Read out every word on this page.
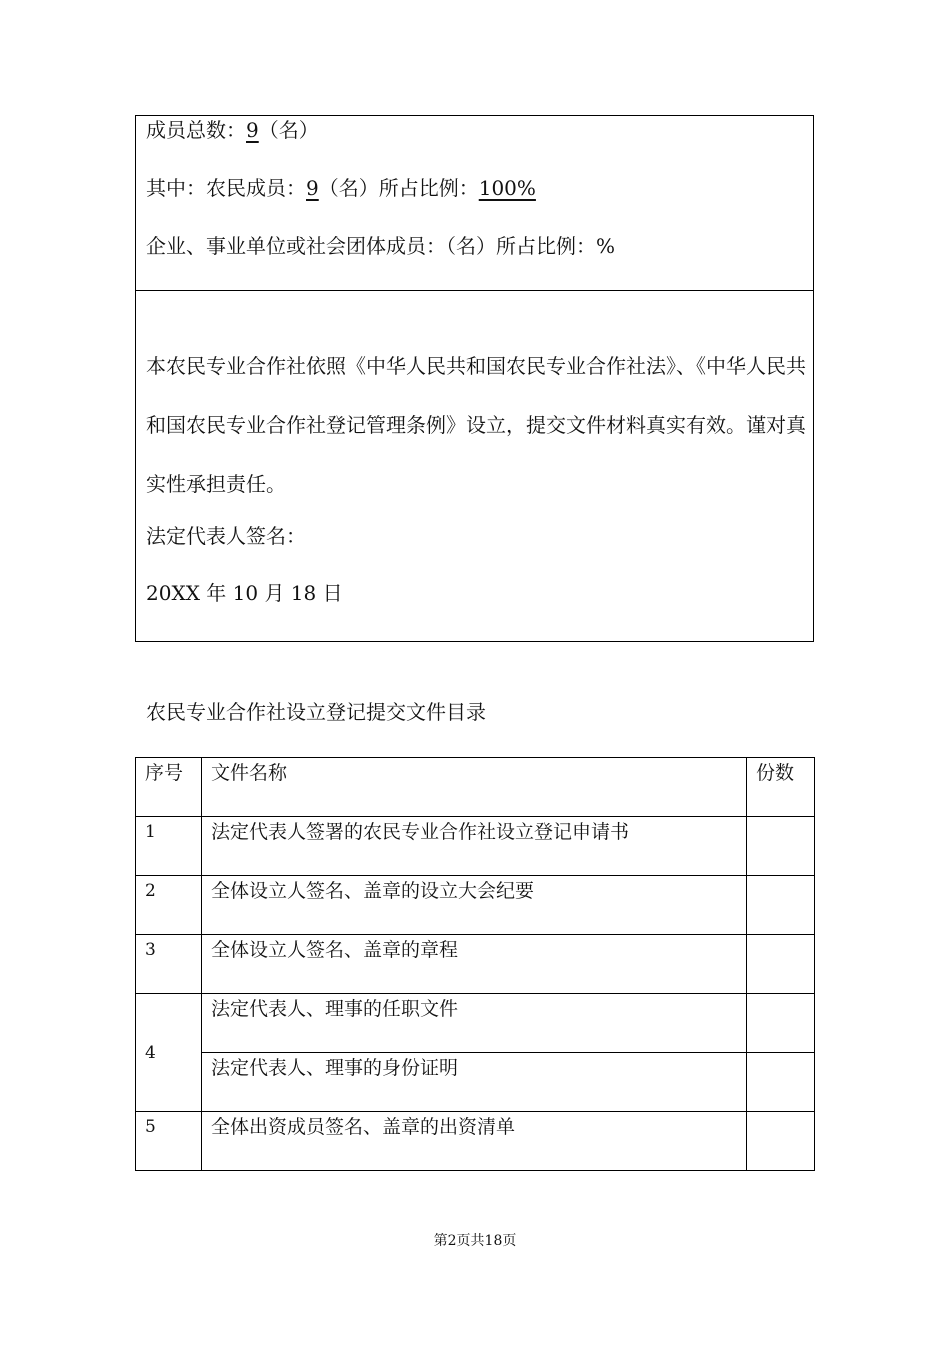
成员总数：9（名）
其中：农民成员：9（名）所占比例：100%
企业、事业单位或社会团体成员：（名）所占比例：%
本农民专业合作社依照《中华人民共和国农民专业合作社法》、《中华人民共和国农民专业合作社登记管理条例》设立，提交文件材料真实有效。谨对真实性承担责任。
法定代表人签名：
20XX 年 10 月 18 日
农民专业合作社设立登记提交文件目录
序号	文件名称	份数
1	法定代表人签署的农民专业合作社设立登记申请书	
2	全体设立人签名、盖章的设立大会纪要	
3	全体设立人签名、盖章的章程	
4	法定代表人、理事的任职文件	
	法定代表人、理事的身份证明	
5	全体出资成员签名、盖章的出资清单	
第2页共18页
